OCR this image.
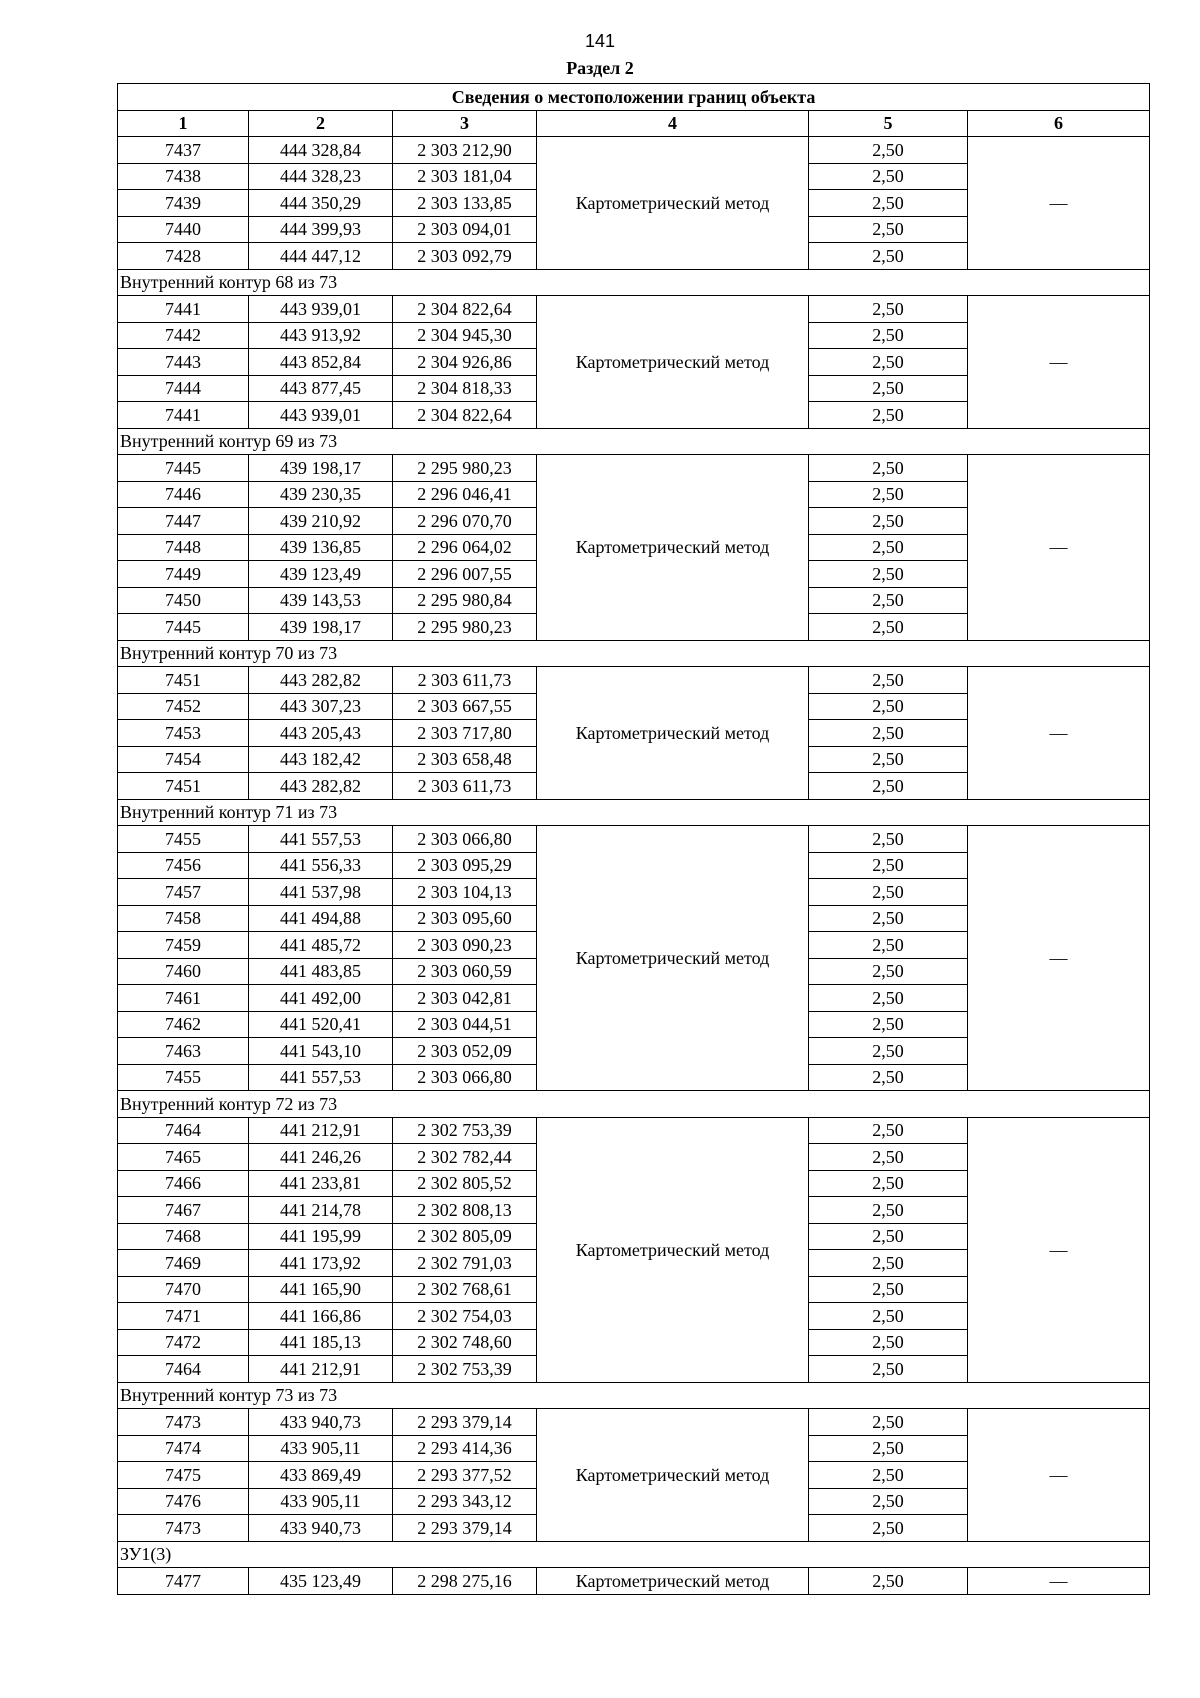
141
Раздел 2
Сведения о местоположении границ объекта					
1	2	3	4	5	6
7437	444 328,84	2 303 212,90	Картометрический метод	2,50	—
7438	444 328,23	2 303 181,04		2,50	
7439	444 350,29	2 303 133,85		2,50	
7440	444 399,93	2 303 094,01		2,50	
7428	444 447,12	2 303 092,79		2,50	
Внутренний контур 68 из 73					
7441	443 939,01	2 304 822,64	Картометрический метод	2,50	—
7442	443 913,92	2 304 945,30		2,50	
7443	443 852,84	2 304 926,86		2,50	
7444	443 877,45	2 304 818,33		2,50	
7441	443 939,01	2 304 822,64		2,50	
Внутренний контур 69 из 73					
7445	439 198,17	2 295 980,23	Картометрический метод	2,50	—
7446	439 230,35	2 296 046,41		2,50	
7447	439 210,92	2 296 070,70		2,50	
7448	439 136,85	2 296 064,02		2,50	
7449	439 123,49	2 296 007,55		2,50	
7450	439 143,53	2 295 980,84		2,50	
7445	439 198,17	2 295 980,23		2,50	
Внутренний контур 70 из 73					
7451	443 282,82	2 303 611,73	Картометрический метод	2,50	—
7452	443 307,23	2 303 667,55		2,50	
7453	443 205,43	2 303 717,80		2,50	
7454	443 182,42	2 303 658,48		2,50	
7451	443 282,82	2 303 611,73		2,50	
Внутренний контур 71 из 73					
7455	441 557,53	2 303 066,80	Картометрический метод	2,50	—
7456	441 556,33	2 303 095,29		2,50	
7457	441 537,98	2 303 104,13		2,50	
7458	441 494,88	2 303 095,60		2,50	
7459	441 485,72	2 303 090,23		2,50	
7460	441 483,85	2 303 060,59		2,50	
7461	441 492,00	2 303 042,81		2,50	
7462	441 520,41	2 303 044,51		2,50	
7463	441 543,10	2 303 052,09		2,50	
7455	441 557,53	2 303 066,80		2,50	
Внутренний контур 72 из 73					
7464	441 212,91	2 302 753,39	Картометрический метод	2,50	—
7465	441 246,26	2 302 782,44		2,50	
7466	441 233,81	2 302 805,52		2,50	
7467	441 214,78	2 302 808,13		2,50	
7468	441 195,99	2 302 805,09		2,50	
7469	441 173,92	2 302 791,03		2,50	
7470	441 165,90	2 302 768,61		2,50	
7471	441 166,86	2 302 754,03		2,50	
7472	441 185,13	2 302 748,60		2,50	
7464	441 212,91	2 302 753,39		2,50	
Внутренний контур 73 из 73					
7473	433 940,73	2 293 379,14	Картометрический метод	2,50	—
7474	433 905,11	2 293 414,36		2,50	
7475	433 869,49	2 293 377,52		2,50	
7476	433 905,11	2 293 343,12		2,50	
7473	433 940,73	2 293 379,14		2,50	
ЗУ1(3)					
7477	435 123,49	2 298 275,16	Картометрический метод	2,50	—
